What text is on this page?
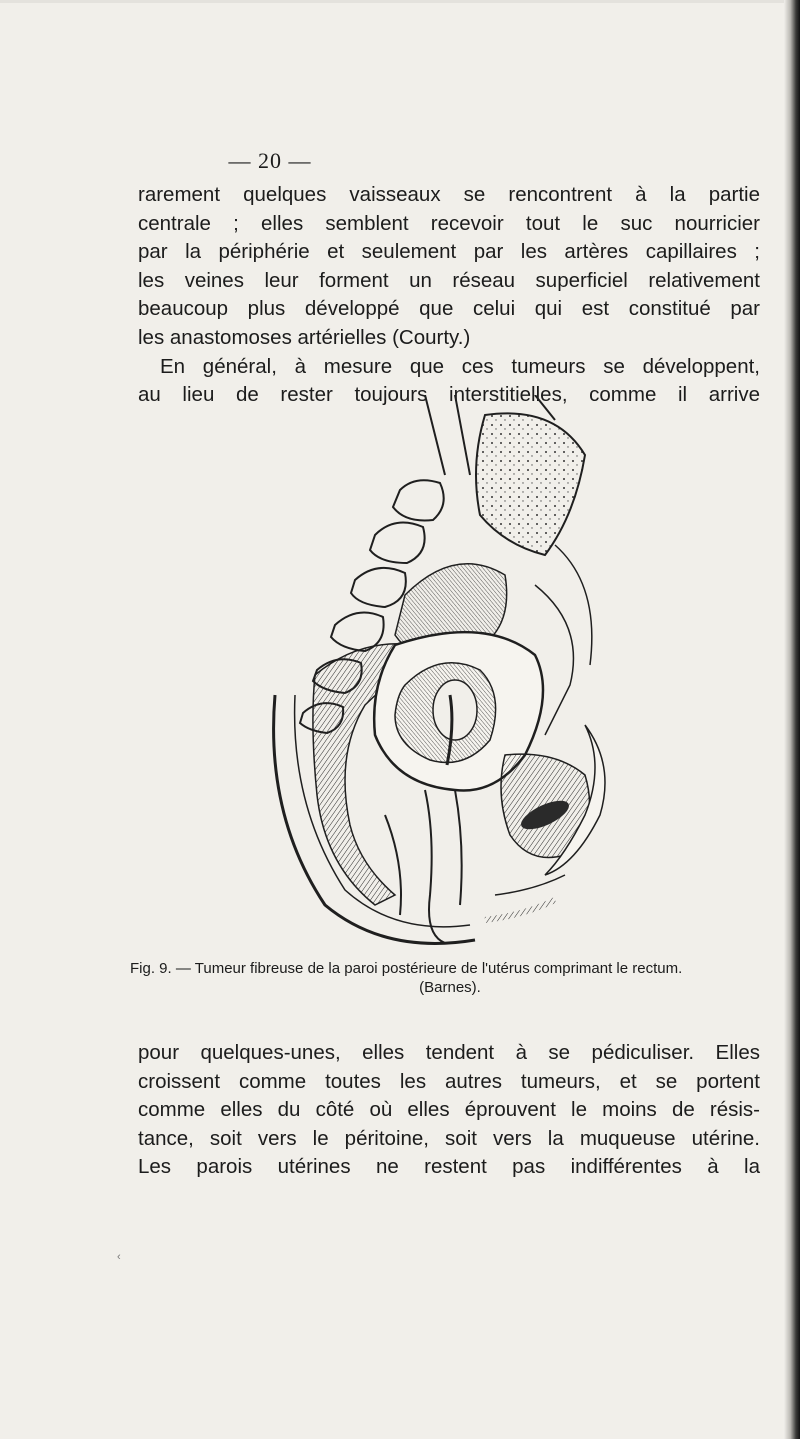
— 20 —
rarement quelques vaisseaux se rencontrent à la partie
centrale ; elles semblent recevoir tout le suc nourricier
par la périphérie et seulement par les artères capillaires ;
les veines leur forment un réseau superficiel relativement
beaucoup plus développé que celui qui est constitué par
les anastomoses artérielles (Courty.)
En général, à mesure que ces tumeurs se développent,
au lieu de rester toujours interstitielles, comme il arrive
Fig. 9. — Tumeur fibreuse de la paroi postérieure de l'utérus comprimant le rectum.
(Barnes).
pour quelques-unes, elles tendent à se pédiculiser. Elles
croissent comme toutes les autres tumeurs, et se portent
comme elles du côté où elles éprouvent le moins de résis-
tance, soit vers le péritoine, soit vers la muqueuse utérine.
Les parois utérines ne restent pas indifférentes à la
‹
